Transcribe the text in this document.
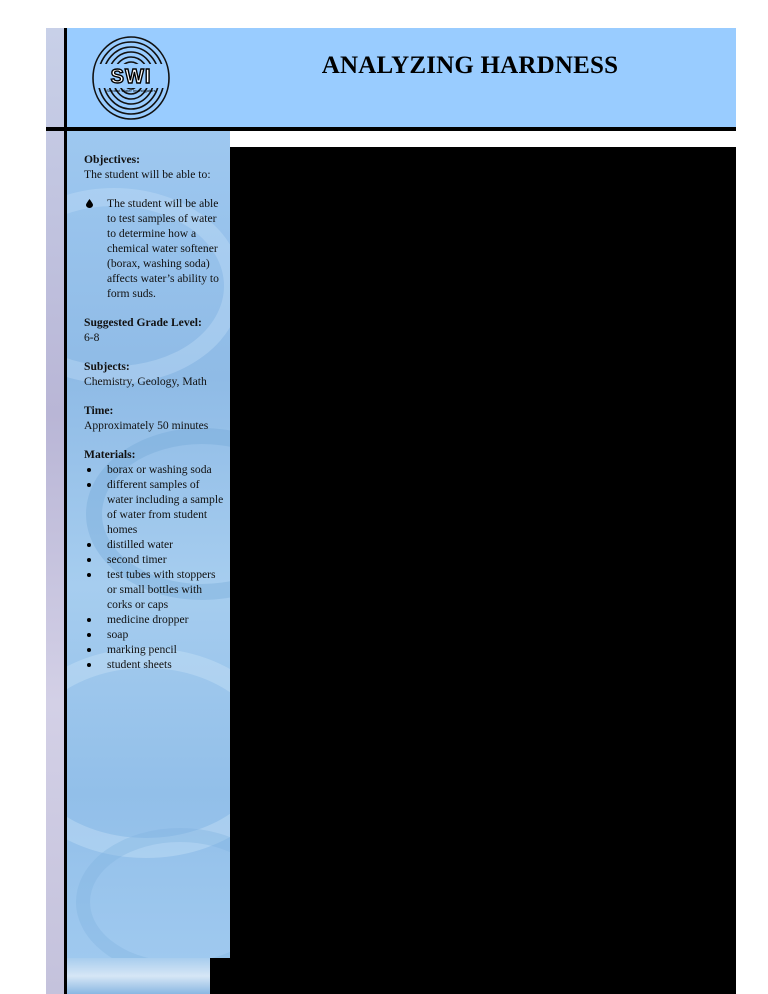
SWI
Student Water Investigators
ANALYZING HARDNESS
Objectives:

The student will be able to:

The student will be able to test samples of water to determine how a chemical water softener (borax, washing soda) affects water’s ability to form suds.
Suggested Grade Level:

6-8

Subjects:

Chemistry, Geology, Math

Time:

Approximately 50 minutes

Materials:
borax or washing soda
different samples of water including a sample of water from student homes
distilled water
second timer
test tubes with stoppers or small bottles with corks or caps
medicine dropper
soap
marking pencil
student sheets
